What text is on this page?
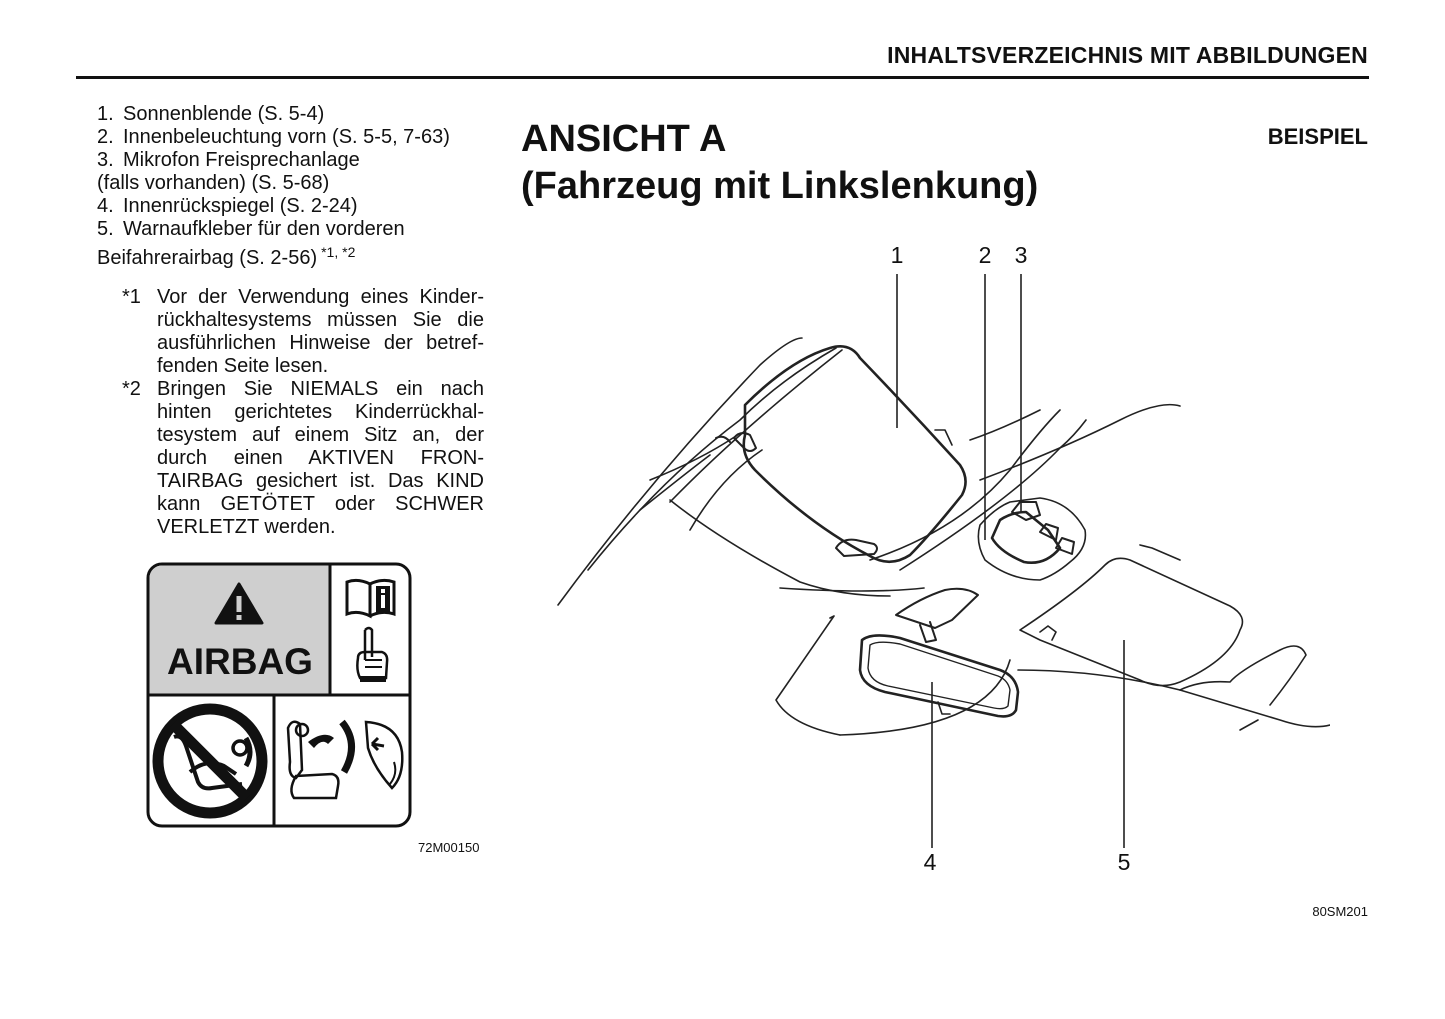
INHALTSVERZEICHNIS MIT ABBILDUNGEN
1. Sonnenblende (S. 5-4)
2. Innenbeleuchtung vorn (S. 5-5, 7-63)
3. Mikrofon Freisprechanlage
(falls vorhanden) (S. 5-68)
4. Innenrückspiegel (S. 2-24)
5. Warnaufkleber für den vorderen
Beifahrerairbag (S. 2-56) $^{*1, *2}$
*1 Vor der Verwendung eines Kinder-
rückhaltesystems müssen Sie die
ausführlichen Hinweise der betref-
fenden Seite lesen.
*2 Bringen Sie NIEMALS ein nach
hinten gerichtetes Kinderrückhal-
tesystem auf einem Sitz an, der
durch einen AKTIVEN FRON-
TAIRBAG gesichert ist. Das KIND
kann GETÖTET oder SCHWER
VERLETZT werden.
AIRBAG
72M00150
ANSICHT A
(Fahrzeug mit Linkslenkung)
BEISPIEL
1	2 3
4	5
80SM201
